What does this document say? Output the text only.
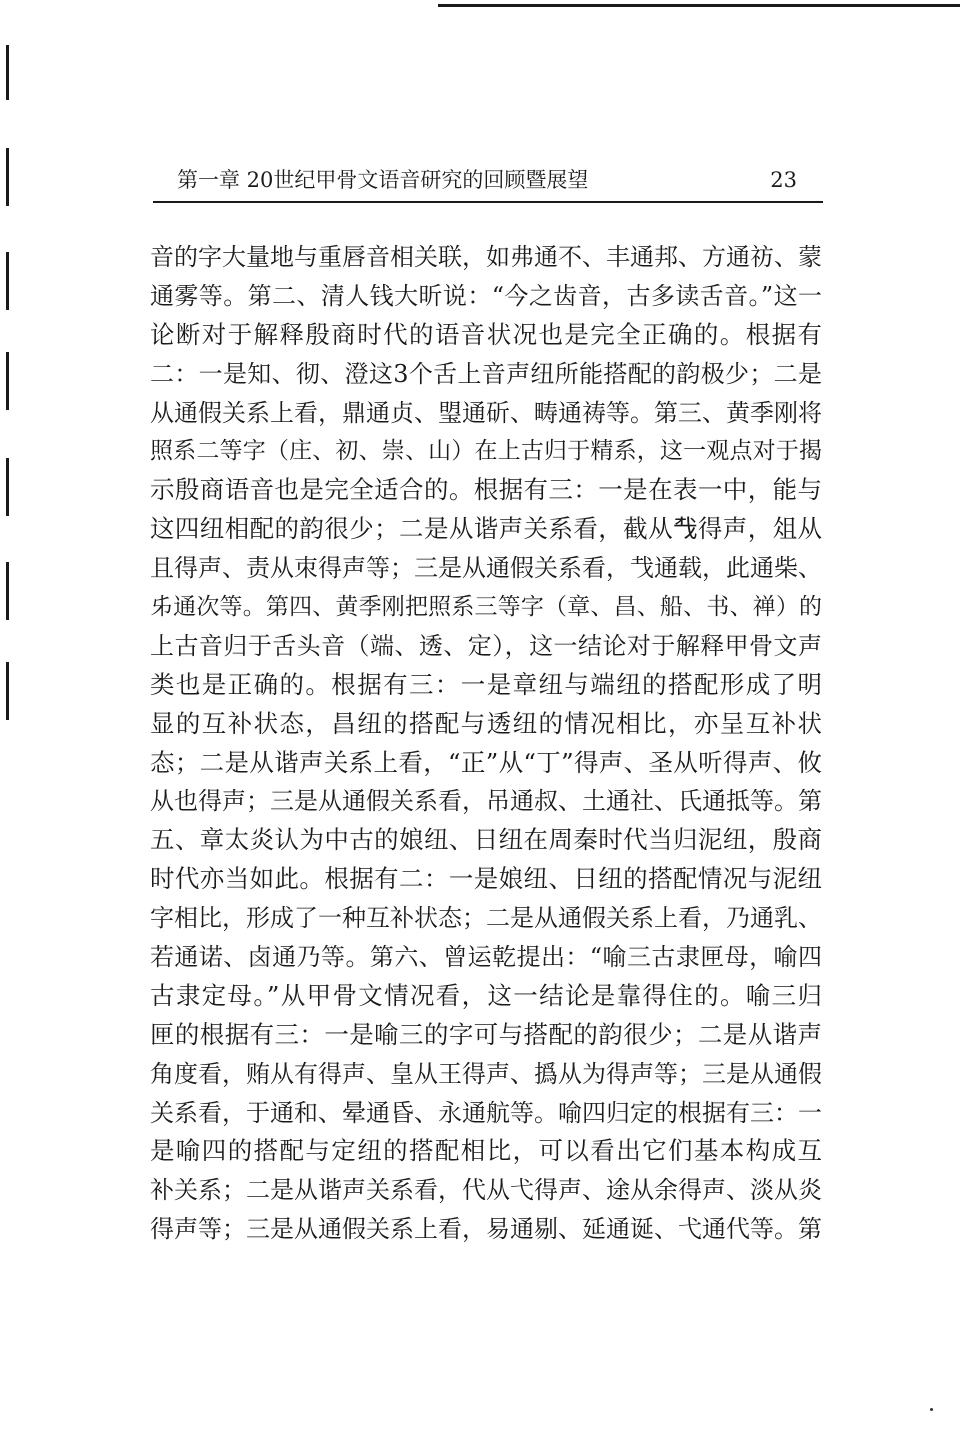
第一章 20世纪甲骨文语音研究的回顾暨展望	23
音的字大量地与重唇音相关联，如弗通不、丰通邦、方通祊、蒙
通雾等。第二、清人钱大昕说：“今之齿音，古多读舌音。”这一
论断对于解释殷商时代的语音状况也是完全正确的。根据有
二：一是知、彻、澄这3个舌上音声纽所能搭配的韵极少；二是
从通假关系上看，鼎通贞、琞通斫、畴通祷等。第三、黄季刚将
照系二等字（庄、初、崇、山）在上古归于精系，这一观点对于揭
示殷商语音也是完全适合的。根据有三：一是在表一中，能与
这四纽相配的韵很少；二是从谐声关系看，截从𢦔得声，俎从
且得声、责从朿得声等；三是从通假关系看，𢦏通载，此通柴、
𠂔通次等。第四、黄季刚把照系三等字（章、昌、船、书、禅）的
上古音归于舌头音（端、透、定），这一结论对于解释甲骨文声
类也是正确的。根据有三：一是章纽与端纽的搭配形成了明
显的互补状态，昌纽的搭配与透纽的情况相比，亦呈互补状
态；二是从谐声关系上看，“正”从“丁”得声、圣从听得声、攸
从也得声；三是从通假关系看，吊通叔、土通社、氏通抵等。第
五、章太炎认为中古的娘纽、日纽在周秦时代当归泥纽，殷商
时代亦当如此。根据有二：一是娘纽、日纽的搭配情况与泥纽
字相比，形成了一种互补状态；二是从通假关系上看，乃通乳、
若通诺、卤通乃等。第六、曾运乾提出：“喻三古隶匣母，喻四
古隶定母。”从甲骨文情况看，这一结论是靠得住的。喻三归
匣的根据有三：一是喻三的字可与搭配的韵很少；二是从谐声
角度看，贿从有得声、皇从王得声、撝从为得声等；三是从通假
关系看，于通和、晕通昏、永通航等。喻四归定的根据有三：一
是喻四的搭配与定纽的搭配相比，可以看出它们基本构成互
补关系；二是从谐声关系看，代从弋得声、途从余得声、淡从炎
得声等；三是从通假关系上看，易通剔、延通诞、弋通代等。第
